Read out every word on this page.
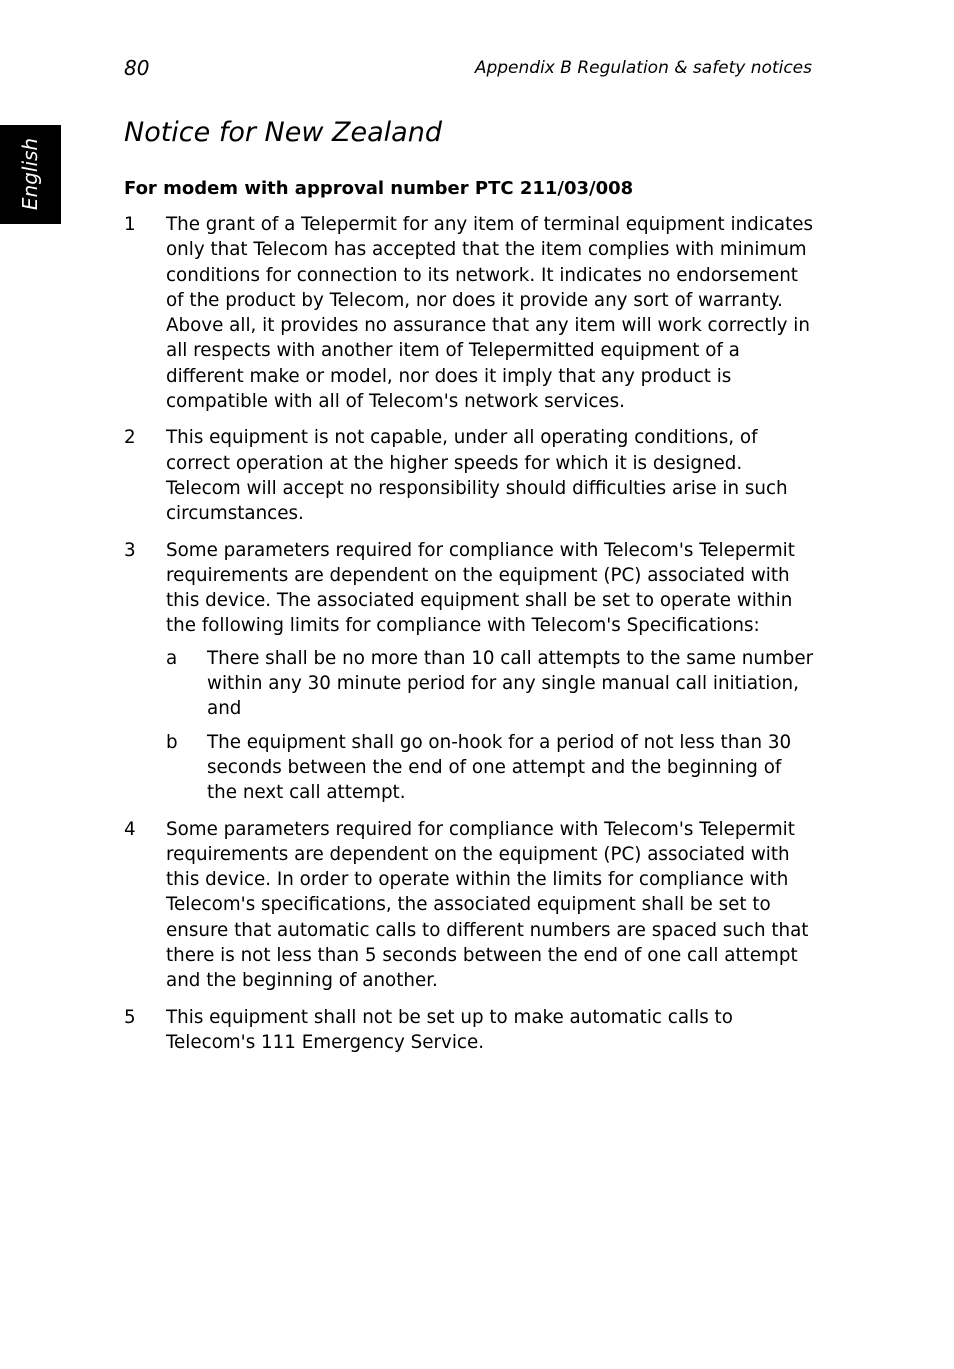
80	Appendix B Regulation & safety notices
English
Notice for New Zealand
For modem with approval number PTC 211/03/008
1	The grant of a Telepermit for any item of terminal equipment indicates only that Telecom has accepted that the item complies with minimum conditions for connection to its network. It indicates no endorsement of the product by Telecom, nor does it provide any sort of warranty. Above all, it provides no assurance that any item will work correctly in all respects with another item of Telepermitted equipment of a different make or model, nor does it imply that any product is compatible with all of Telecom's network services.

2	This equipment is not capable, under all operating conditions, of correct operation at the higher speeds for which it is designed. Telecom will accept no responsibility should difficulties arise in such circumstances.

3	Some parameters required for compliance with Telecom's Telepermit requirements are dependent on the equipment (PC) associated with this device. The associated equipment shall be set to operate within the following limits for compliance with Telecom's Specifications:

a	There shall be no more than 10 call attempts to the same number within any 30 minute period for any single manual call initiation, and

b	The equipment shall go on-hook for a period of not less than 30 seconds between the end of one attempt and the beginning of the next call attempt.

4	Some parameters required for compliance with Telecom's Telepermit requirements are dependent on the equipment (PC) associated with this device. In order to operate within the limits for compliance with Telecom's specifications, the associated equipment shall be set to ensure that automatic calls to different numbers are spaced such that there is not less than 5 seconds between the end of one call attempt and the beginning of another.

5	This equipment shall not be set up to make automatic calls to Telecom's 111 Emergency Service.
